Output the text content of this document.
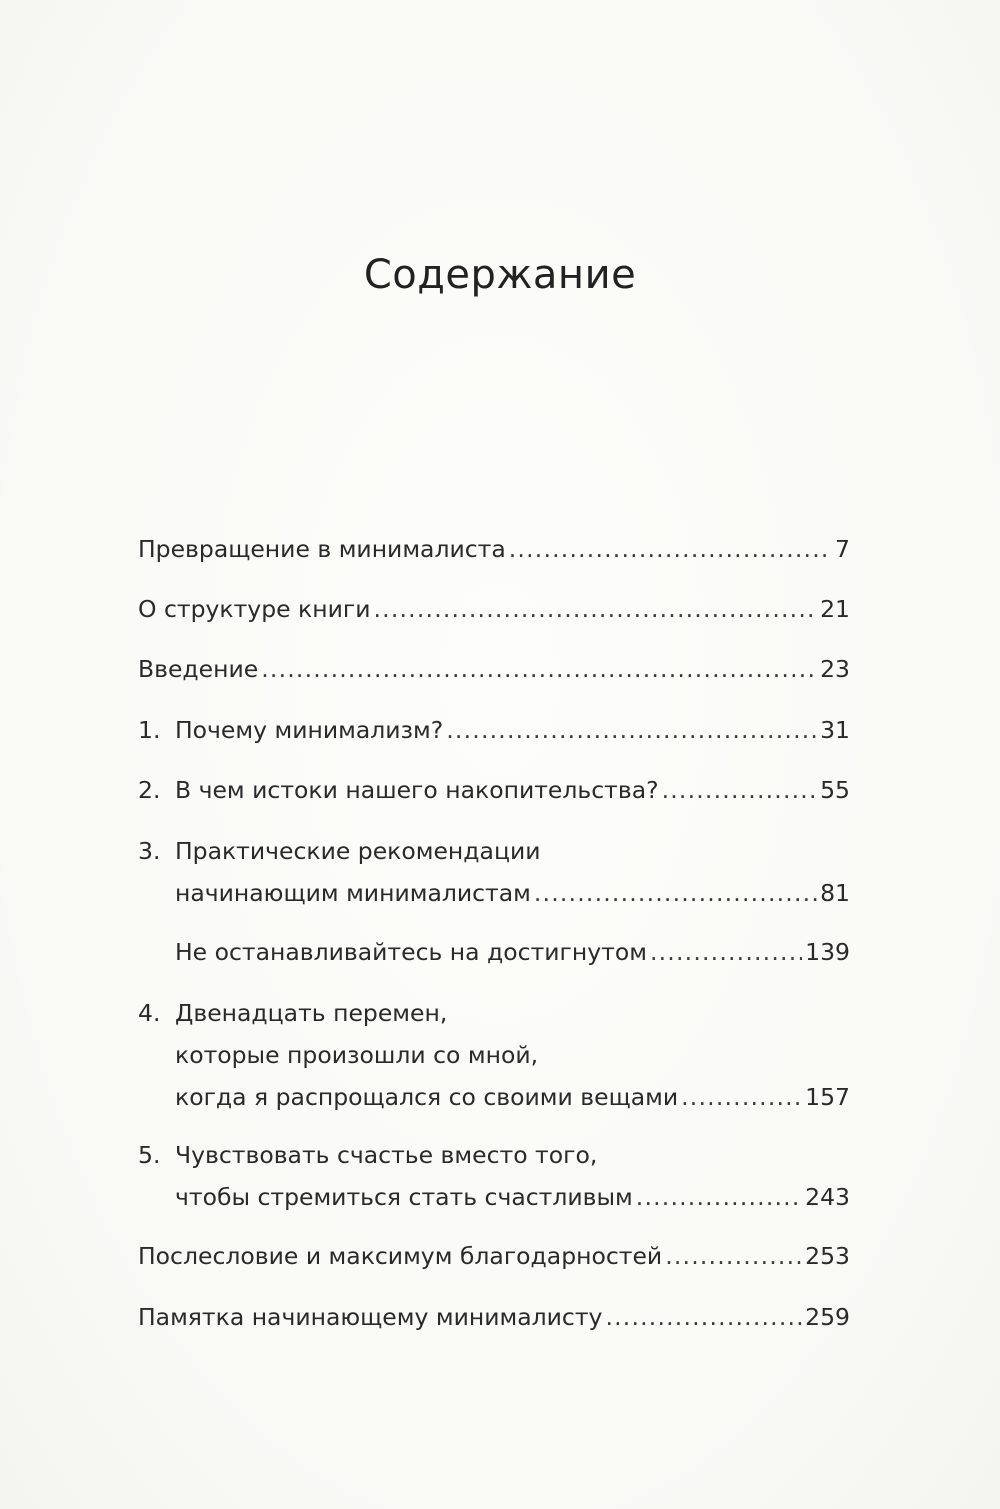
Содержание
Превращение в минималиста .....	7
О структуре книги .....	21
Введение .....	23
1. Почему минимализм? .....	31
2. В чем истоки нашего накопительства? .....	55
3. Практические рекомендации
начинающим минималистам .....	81
Не останавливайтесь на достигнутом .....	139
4. Двенадцать перемен,
которые произошли со мной,
когда я распрощался со своими вещами .....	157
5. Чувствовать счастье вместо того,
чтобы стремиться стать счастливым .....	243
Послесловие и максимум благодарностей .....	253
Памятка начинающему минималисту .....	259
